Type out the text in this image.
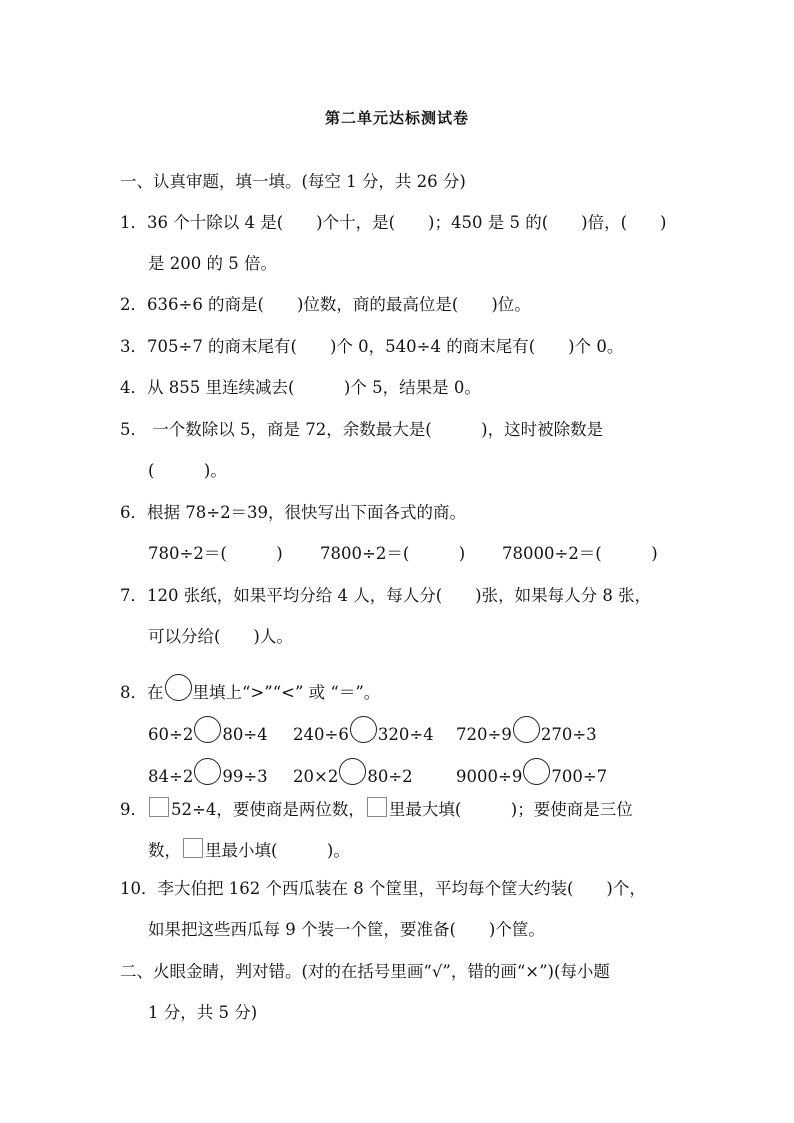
第二单元达标测试卷
一、认真审题，填一填。(每空 1 分，共 26 分)
1．36 个十除以 4 是(　　)个十，是(　　)；450 是 5 的(　　)倍，(　　)
是 200 的 5 倍。
2．636÷6 的商是(　　)位数，商的最高位是(　　)位。
3．705÷7 的商末尾有(　　)个 0，540÷4 的商末尾有(　　)个 0。
4．从 855 里连续减去(　　　)个 5，结果是 0。
5． 一个数除以 5，商是 72，余数最大是(　　　)，这时被除数是
(　　　)。
6．根据 78÷2＝39，很快写出下面各式的商。
780÷2＝(　　　) 7800÷2＝(　　　) 78000÷2＝(　　　)
7．120 张纸，如果平均分给 4 人，每人分(　　)张，如果每人分 8 张，
可以分给(　　)人。
8．在 里填上“>”“<” 或 “＝”。
60÷2 80÷4 240÷6 320÷4 720÷9 270÷3
84÷2 99÷3 20×2 80÷2	9000÷9 700÷7
9． 52÷4，要使商是两位数， 里最大填(　　　)；要使商是三位
数， 里最小填(　　　)。
10．李大伯把 162 个西瓜装在 8 个筐里，平均每个筐大约装(　　)个，
如果把这些西瓜每 9 个装一个筐，要准备(　　)个筐。
二、火眼金睛，判对错。(对的在括号里画“√”，错的画“×”)(每小题
1 分，共 5 分)
